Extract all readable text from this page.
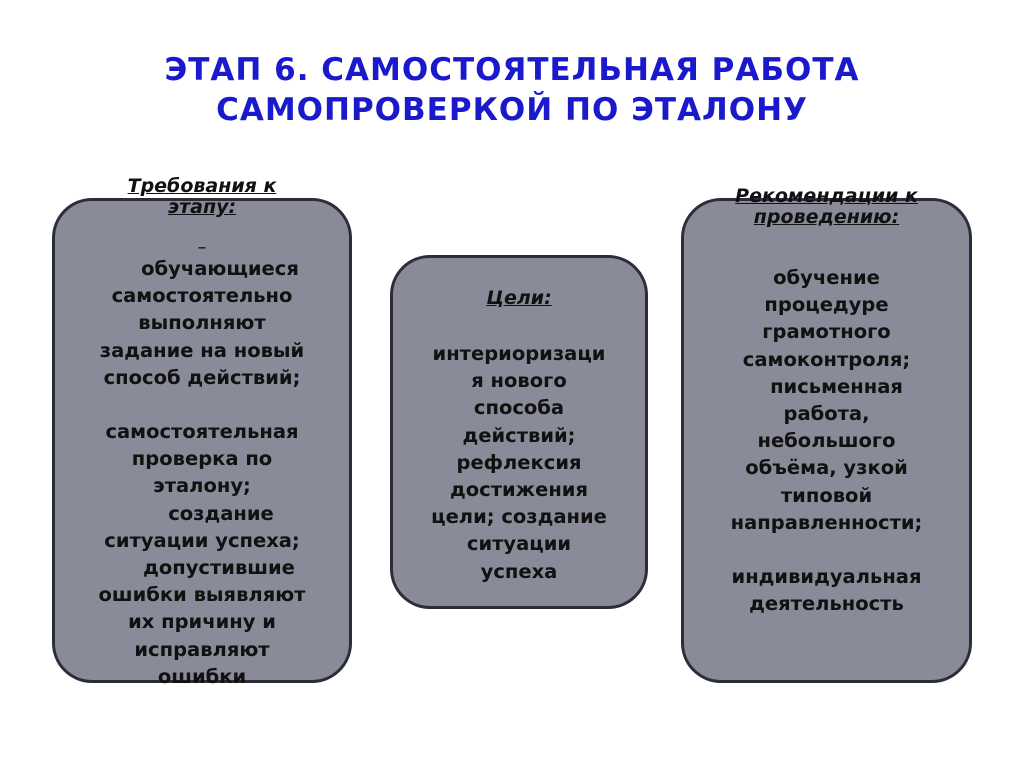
ЭТАП 6. САМОСТОЯТЕЛЬНАЯ РАБОТА
САМОПРОВЕРКОЙ ПО ЭТАЛОНУ
Требования к
этапу:
Цели:
Рекомендации к
проведению:
_
обучающиеся
самостоятельно
выполняют
задание на новый
способ действий;
самостоятельная
проверка по
эталону;
создание
ситуации успеха;
допустившие
ошибки выявляют
их причину и
исправляют
ошибки
интериоризаци
я нового
способа
действий;
рефлексия
достижения
цели; создание
ситуации
успеха
обучение
процедуре
грамотного
самоконтроля;
письменная
работа,
небольшого
объёма, узкой
типовой
направленности;
индивидуальная
деятельность
